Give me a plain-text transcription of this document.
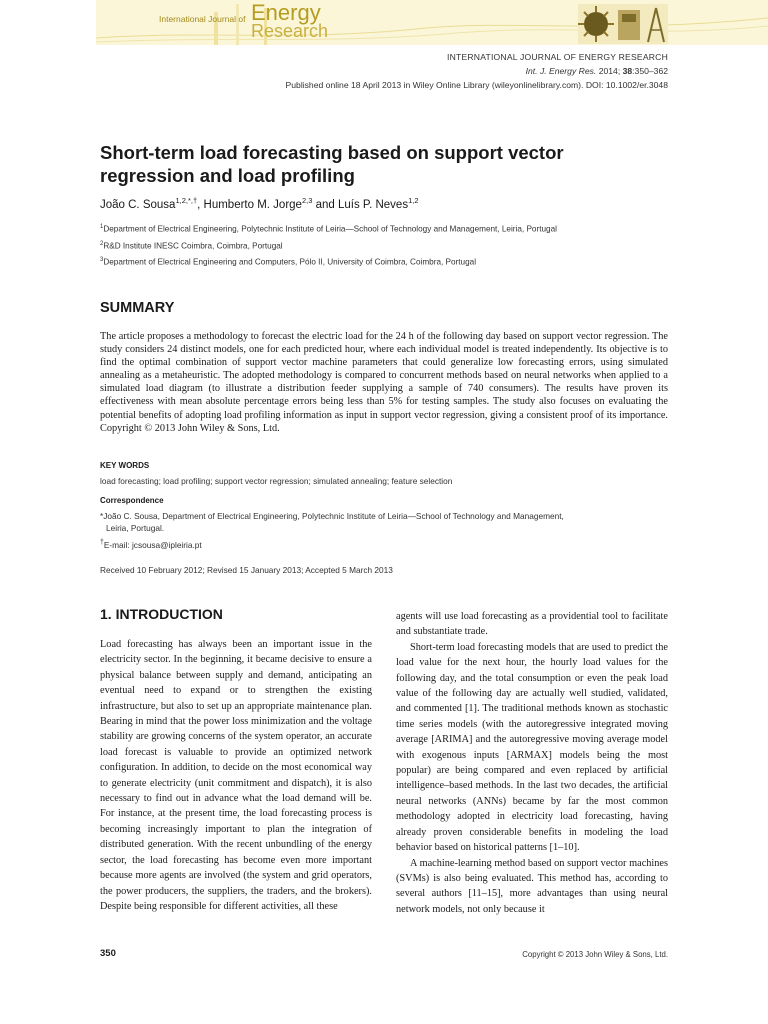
International Journal of Energy
Research
INTERNATIONAL JOURNAL OF ENERGY RESEARCH
Int. J. Energy Res. 2014; 38:350–362
Published online 18 April 2013 in Wiley Online Library (wileyonlinelibrary.com). DOI: 10.1002/er.3048
Short-term load forecasting based on support vector
regression and load profiling
João C. Sousa$^{1,2,*,\dagger}$, Humberto M. Jorge$^{2,3}$ and Luís P. Neves$^{1,2}$
$^1$Department of Electrical Engineering, Polytechnic Institute of Leiria—School of Technology and Management, Leiria, Portugal
$^2$R&D Institute INESC Coimbra, Coimbra, Portugal
$^3$Department of Electrical Engineering and Computers, Pólo II, University of Coimbra, Coimbra, Portugal
SUMMARY

The article proposes a methodology to forecast the electric load for the 24 h of the following day based on support vector regression. The study considers 24 distinct models, one for each predicted hour, where each individual model is treated independently. Its objective is to find the optimal combination of support vector machine parameters that could generalize low forecasting errors, using simulated annealing as a metaheuristic. The adopted methodology is compared to concurrent methods based on neural networks when applied to a simulated load diagram (to illustrate a distribution feeder supplying a sample of 740 consumers). The results have proven its effectiveness with mean absolute percentage errors being less than 5% for testing samples. The study also focuses on evaluating the potential benefits of adopting load profiling information as input in support vector regression, giving a consistent proof of its importance. Copyright © 2013 John Wiley & Sons, Ltd.

KEY WORDS
load forecasting; load profiling; support vector regression; simulated annealing; feature selection
Correspondence
*João C. Sousa, Department of Electrical Engineering, Polytechnic Institute of Leiria—School of Technology and Management,
Leiria, Portugal.
†E-mail: jcsousa@ipleiria.pt
Received 10 February 2012; Revised 15 January 2013; Accepted 5 March 2013
1. INTRODUCTION

Load forecasting has always been an important issue in the electricity sector. In the beginning, it became decisive to ensure a physical balance between supply and demand, anticipating an eventual need to expand or to strengthen the existing infrastructure, but also to set up an appropriate maintenance plan. Bearing in mind that the power loss minimization and the voltage stability are growing concerns of the system operator, an accurate load forecast is valuable to provide an optimized network configuration. In addition, to decide on the most economical way to generate electricity (unit commitment and dispatch), it is also necessary to find out in advance what the load demand will be. For instance, at the present time, the load forecasting process is becoming increasingly important to plan the integration of distributed generation. With the recent unbundling of the energy sector, the load forecasting has become even more important because more agents are involved (the system and grid operators, the power producers, the suppliers, the traders, and the brokers). Despite being responsible for different activities, all these

agents will use load forecasting as a providential tool to facilitate and substantiate trade.

Short-term load forecasting models that are used to predict the load value for the next hour, the hourly load values for the following day, and the total consumption or even the peak load value of the following day are actually well studied, validated, and commented [1]. The traditional methods known as stochastic time series models (with the autoregressive integrated moving average [ARIMA] and the autoregressive moving average model with exogenous inputs [ARMAX] models being the most popular) are being compared and even replaced by artificial intelligence–based methods. In the last two decades, the artificial neural networks (ANNs) became by far the most common methodology adopted in electricity load forecasting, having already proven considerable benefits in modeling the load behavior based on historical patterns [1–10].

A machine-learning method based on support vector machines (SVMs) is also being evaluated. This method has, according to several authors [11–15], more advantages than using neural network models, not only because it

350	Copyright © 2013 John Wiley & Sons, Ltd.
